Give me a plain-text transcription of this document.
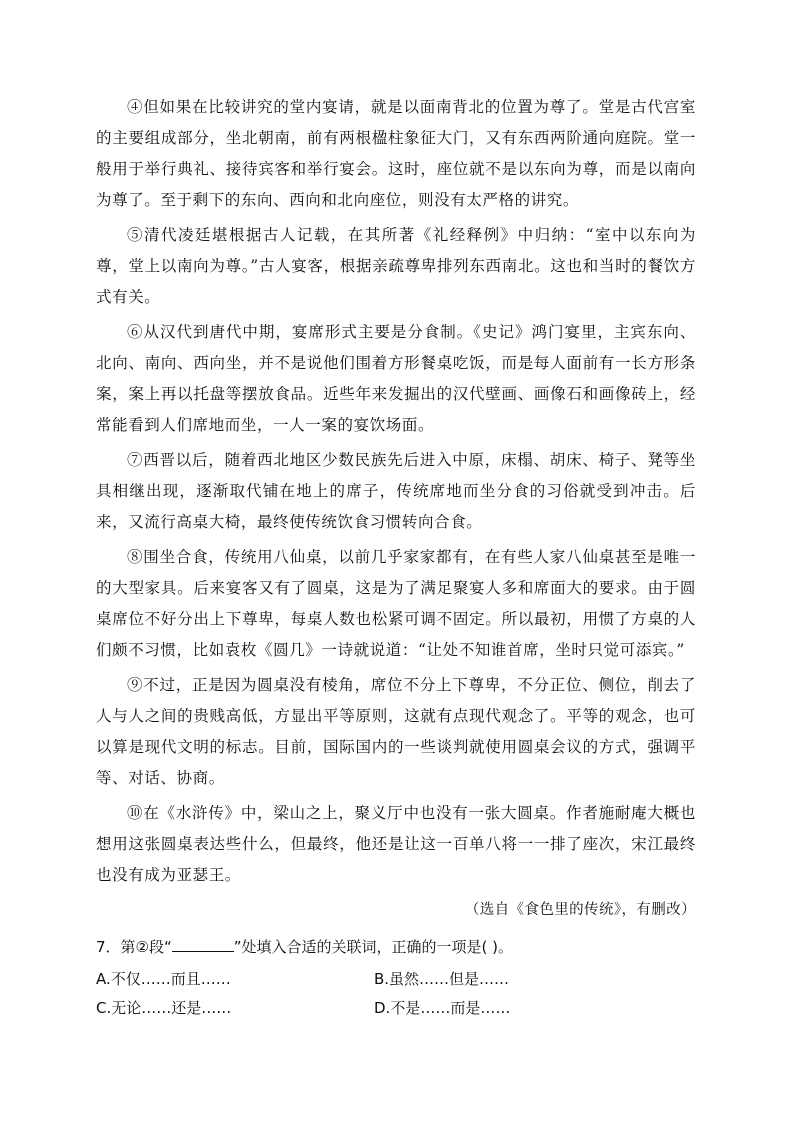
④但如果在比较讲究的堂内宴请，就是以面南背北的位置为尊了。堂是古代宫室的主要组成部分，坐北朝南，前有两根楹柱象征大门，又有东西两阶通向庭院。堂一般用于举行典礼、接待宾客和举行宴会。这时，座位就不是以东向为尊，而是以南向为尊了。至于剩下的东向、西向和北向座位，则没有太严格的讲究。

⑤清代凌廷堪根据古人记载，在其所著《礼经释例》中归纳：“室中以东向为尊，堂上以南向为尊。”古人宴客，根据亲疏尊卑排列东西南北。这也和当时的餐饮方式有关。

⑥从汉代到唐代中期，宴席形式主要是分食制。《史记》鸿门宴里，主宾东向、北向、南向、西向坐，并不是说他们围着方形餐桌吃饭，而是每人面前有一长方形条案，案上再以托盘等摆放食品。近些年来发掘出的汉代壁画、画像石和画像砖上，经常能看到人们席地而坐，一人一案的宴饮场面。

⑦西晋以后，随着西北地区少数民族先后进入中原，床榻、胡床、椅子、凳等坐具相继出现，逐渐取代铺在地上的席子，传统席地而坐分食的习俗就受到冲击。后来，又流行高桌大椅，最终使传统饮食习惯转向合食。

⑧围坐合食，传统用八仙桌，以前几乎家家都有，在有些人家八仙桌甚至是唯一的大型家具。后来宴客又有了圆桌，这是为了满足聚宴人多和席面大的要求。由于圆桌席位不好分出上下尊卑，每桌人数也松紧可调不固定。所以最初，用惯了方桌的人们颇不习惯，比如袁枚《圆几》一诗就说道：“让处不知谁首席，坐时只觉可添宾。”

⑨不过，正是因为圆桌没有棱角，席位不分上下尊卑，不分正位、侧位，削去了人与人之间的贵贱高低，方显出平等原则，这就有点现代观念了。平等的观念，也可以算是现代文明的标志。目前，国际国内的一些谈判就使用圆桌会议的方式，强调平等、对话、协商。

⑩在《水浒传》中，梁山之上，聚义厅中也没有一张大圆桌。作者施耐庵大概也想用这张圆桌表达些什么，但最终，他还是让这一百单八将一一排了座次，宋江最终也没有成为亚瑟王。

（选自《食色里的传统》，有删改）

7．第②段“	”处填入合适的关联词，正确的一项是( )。
A.不仅……而且……	B.虽然……但是……
C.无论……还是……	D.不是……而是……
